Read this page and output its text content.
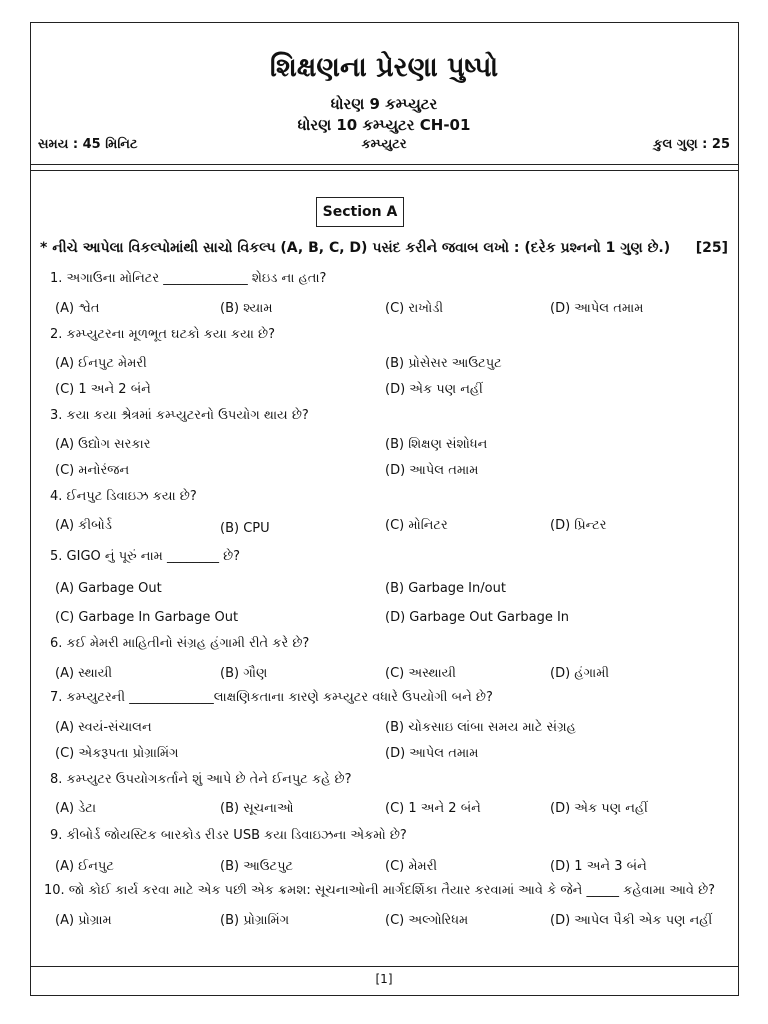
શિક્ષણના પ્રેરણા પુષ્પો
ધોરણ 9 કમ્પ્યુટર
ધોરણ 10 કમ્પ્યુટર CH-01
સમય : 45 મિનિટ	કમ્પ્યુટર	કુલ ગુણ : 25
Section A
* નીચે આપેલા વિકલ્પોમાંથી સાચો વિકલ્પ (A, B, C, D) પસંદ કરીને જવાબ લખો : (દરેક પ્રશ્નનો 1 ગુણ છે.) [25]
1. અગાઉના મોનિટર _____________ શેઇડ ના હતા?
(A) શ્વેત	(B) શ્યામ	(C) રાખોડી	(D) આપેલ તમામ
2. કમ્પ્યુટરના મૂળભૂત ઘટકો કયા કયા છે?
(A) ઈનપુટ મેમરી	(B) પ્રોસેસર આઉટપુટ
(C) 1 અને 2 બંને	(D) એક પણ નહીં
3. કયા કયા શ્રેત્રમાં કમ્પ્યુટરનો ઉપયોગ થાય છે?
(A) ઉદ્યોગ સરકાર	(B) શિક્ષણ સંશોધન
(C) મનોરંજન	(D) આપેલ તમામ
4. ઈનપુટ ડિવાઇઝ કયા છે?
(A) કીબોર્ડ	(B) CPU	(C) મોનિટર	(D) પ્રિન્ટર
5. GIGO નું પૂરું નામ ________ છે?
(A) Garbage Out	(B) Garbage In/out
(C) Garbage In Garbage Out	(D) Garbage Out Garbage In
6. કઈ મેમરી માહિતીનો સંગ્રહ હંગામી રીતે કરે છે?
(A) સ્થાયી	(B) ગૌણ	(C) અસ્થાયી	(D) હંગામી
7. કમ્પ્યુટરની _____________લાક્ષણિકતાના કારણે કમ્પ્યુટર વધારે ઉપયોગી બને છે?
(A) સ્વયં-સંચાલન	(B) ચોકસાઇ લાંબા સમય માટે સંગ્રહ
(C) એકરૂપતા પ્રોગ્રામિંગ	(D) આપેલ તમામ
8. કમ્પ્યુટર ઉપયોગકર્તાને શું આપે છે તેને ઈનપુટ કહે છે?
(A) ડેટા	(B) સૂચનાઓ	(C) 1 અને 2 બંને	(D) એક પણ નહીં
9. કીબોર્ડ જોયસ્ટિક બારકોડ રીડર USB કયા ડિવાઇઝના એકમો છે?
(A) ઈનપુટ	(B) આઉટપુટ	(C) મેમરી	(D) 1 અને 3 બંને
10. જો કોઈ કાર્ય કરવા માટે એક પછી એક ક્રમશ: સૂચનાઓની માર્ગદર્શિકા તૈયાર કરવામાં આવે કે જેને _____ કહેવામા આવે છે?
(A) પ્રોગ્રામ	(B) પ્રોગ્રામિંગ	(C) અલ્ગોરિધમ	(D) આપેલ પૈકી એક પણ નહીં
[1]
